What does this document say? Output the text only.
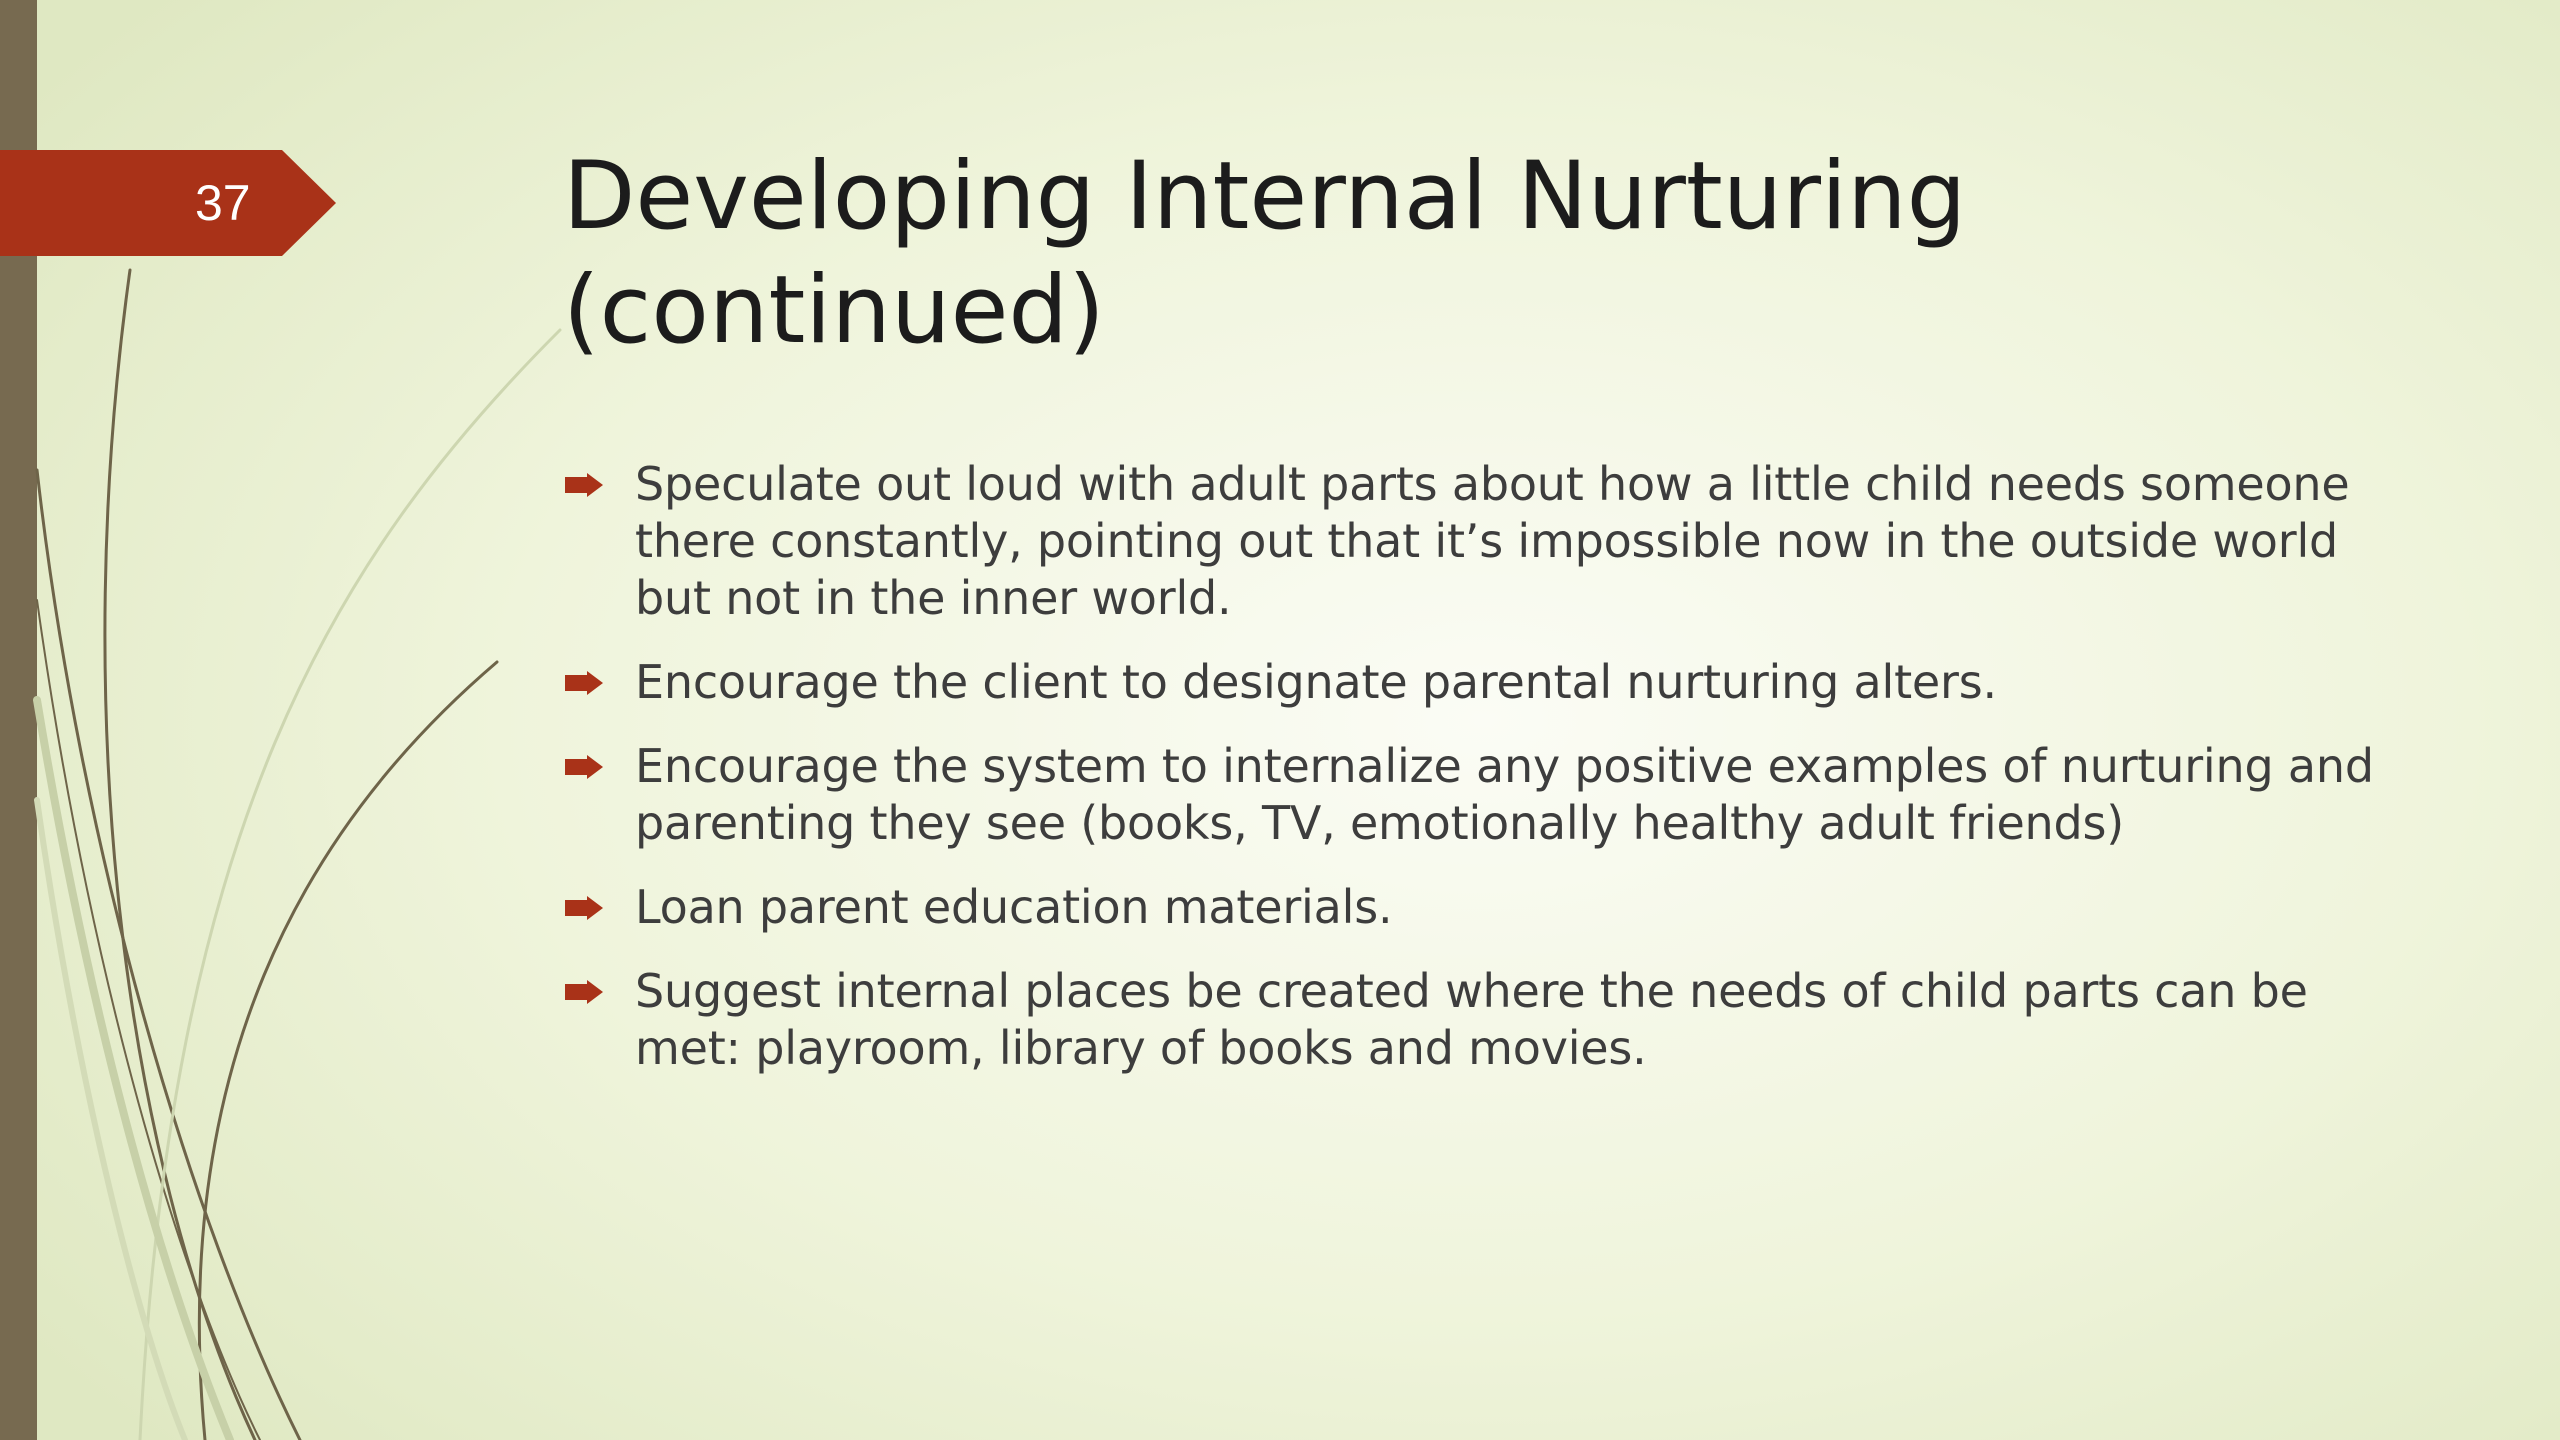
37	Developing Internal Nurturing (continued)
Speculate out loud with adult parts about how a little child needs someone there constantly, pointing out that it’s impossible now in the outside world but not in the inner world.
Encourage the client to designate parental nurturing alters.
Encourage the system to internalize any positive examples of nurturing and parenting they see (books, TV, emotionally healthy adult friends)
Loan parent education materials.
Suggest internal places be created where the needs of child parts can be met: playroom, library of books and movies.
